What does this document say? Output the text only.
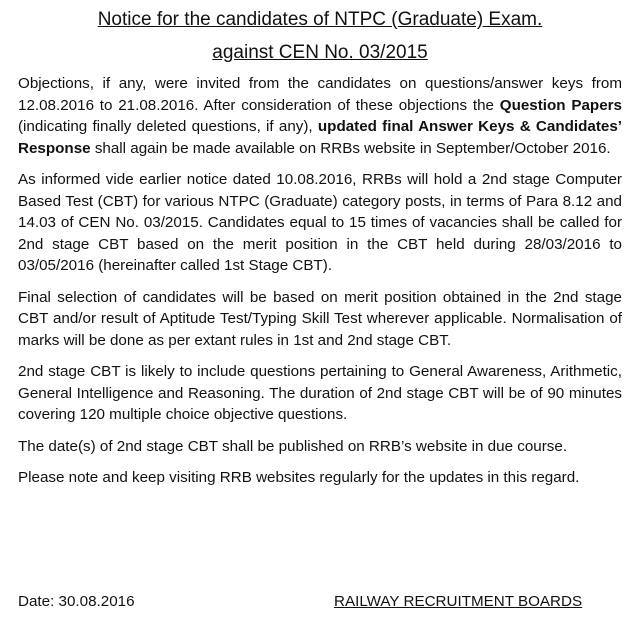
Notice for the candidates of NTPC (Graduate) Exam.
against CEN No. 03/2015

Objections, if any, were invited from the candidates on questions/answer keys from 12.08.2016 to 21.08.2016. After consideration of these objections the Question Papers (indicating finally deleted questions, if any), updated final Answer Keys & Candidates’ Response shall again be made available on RRBs website in September/October 2016.

As informed vide earlier notice dated 10.08.2016, RRBs will hold a 2nd stage Computer Based Test (CBT) for various NTPC (Graduate) category posts, in terms of Para 8.12 and 14.03 of CEN No. 03/2015. Candidates equal to 15 times of vacancies shall be called for 2nd stage CBT based on the merit position in the CBT held during 28/03/2016 to 03/05/2016 (hereinafter called 1st Stage CBT).

Final selection of candidates will be based on merit position obtained in the 2nd stage CBT and/or result of Aptitude Test/Typing Skill Test wherever applicable. Normalisation of marks will be done as per extant rules in 1st and 2nd stage CBT.

2nd stage CBT is likely to include questions pertaining to General Awareness, Arithmetic, General Intelligence and Reasoning. The duration of 2nd stage CBT will be of 90 minutes covering 120 multiple choice objective questions.

The date(s) of 2nd stage CBT shall be published on RRB’s website in due course.

Please note and keep visiting RRB websites regularly for the updates in this regard.

Date: 30.08.2016	RAILWAY RECRUITMENT BOARDS
